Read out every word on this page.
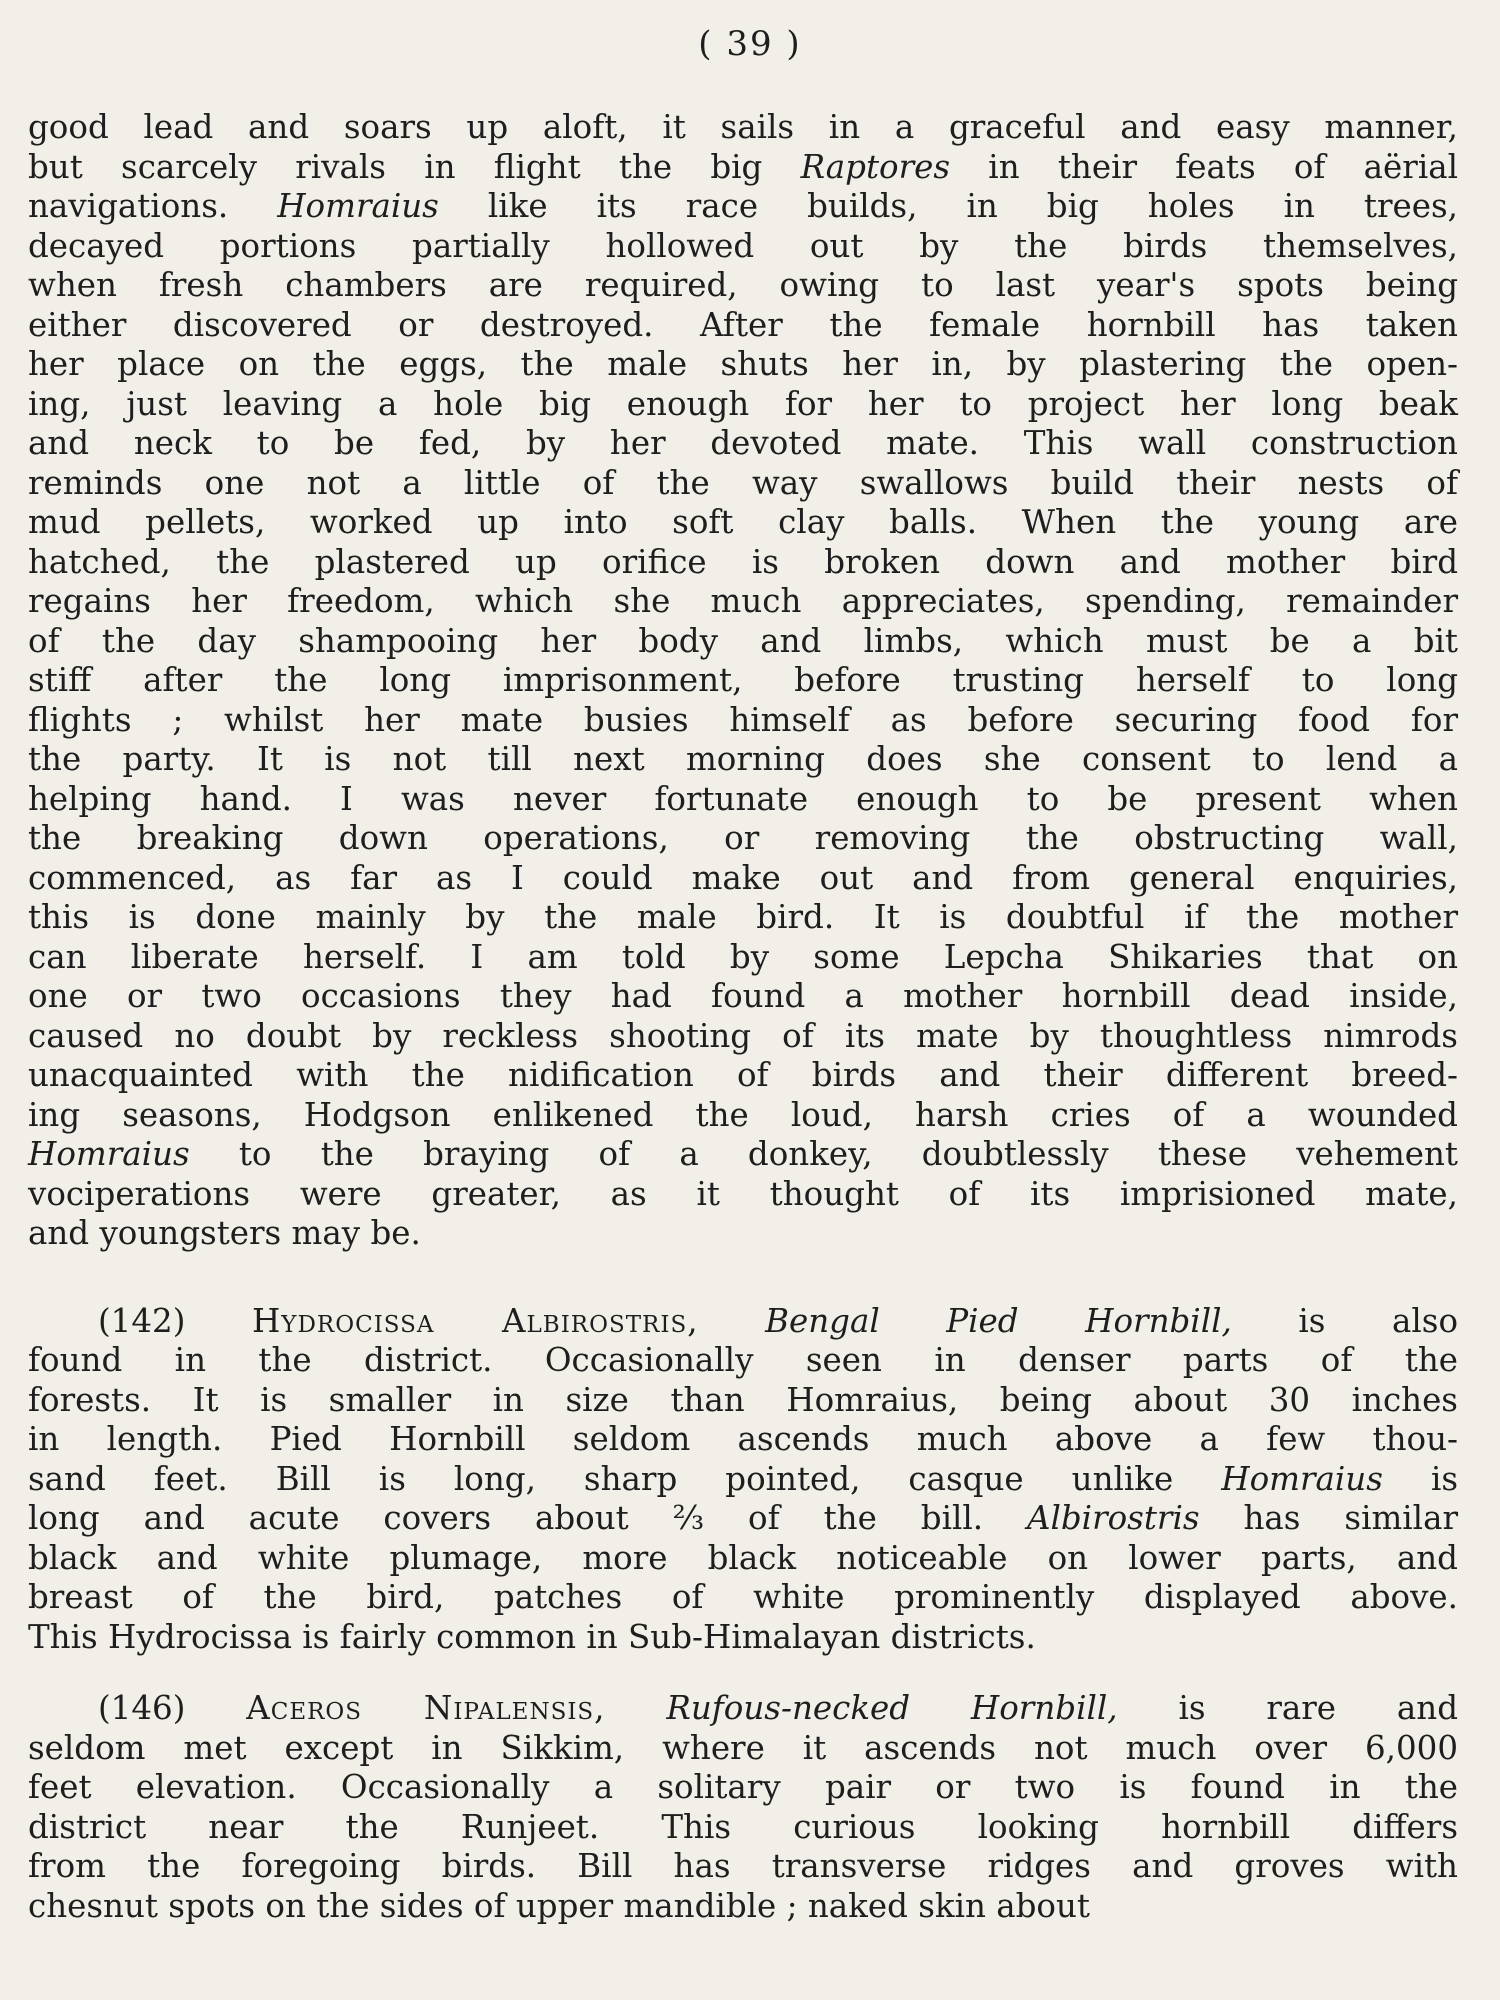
( 39 )
good lead and soars up aloft, it sails in a graceful and easy manner,
but scarcely rivals in flight the big Raptores in their feats of aërial
navigations. Homraius like its race builds, in big holes in trees,
decayed portions partially hollowed out by the birds themselves,
when fresh chambers are required, owing to last year's spots being
either discovered or destroyed. After the female hornbill has taken
her place on the eggs, the male shuts her in, by plastering the open-
ing, just leaving a hole big enough for her to project her long beak
and neck to be fed, by her devoted mate. This wall construction
reminds one not a little of the way swallows build their nests of
mud pellets, worked up into soft clay balls. When the young are
hatched, the plastered up orifice is broken down and mother bird
regains her freedom, which she much appreciates, spending, remainder
of the day shampooing her body and limbs, which must be a bit
stiff after the long imprisonment, before trusting herself to long
flights ; whilst her mate busies himself as before securing food for
the party. It is not till next morning does she consent to lend a
helping hand. I was never fortunate enough to be present when
the breaking down operations, or removing the obstructing wall,
commenced, as far as I could make out and from general enquiries,
this is done mainly by the male bird. It is doubtful if the mother
can liberate herself. I am told by some Lepcha Shikaries that on
one or two occasions they had found a mother hornbill dead inside,
caused no doubt by reckless shooting of its mate by thoughtless nimrods
unacquainted with the nidification of birds and their different breed-
ing seasons, Hodgson enlikened the loud, harsh cries of a wounded
Homraius to the braying of a donkey, doubtlessly these vehement
vociperations were greater, as it thought of its imprisioned mate,
and youngsters may be.
(142) Hydrocissa Albirostris, Bengal Pied Hornbill, is also
found in the district. Occasionally seen in denser parts of the
forests. It is smaller in size than Homraius, being about 30 inches
in length. Pied Hornbill seldom ascends much above a few thou-
sand feet. Bill is long, sharp pointed, casque unlike Homraius is
long and acute covers about ⅔ of the bill. Albirostris has similar
black and white plumage, more black noticeable on lower parts, and
breast of the bird, patches of white prominently displayed above.
This Hydrocissa is fairly common in Sub-Himalayan districts.
(146) Aceros Nipalensis, Rufous-necked Hornbill, is rare and
seldom met except in Sikkim, where it ascends not much over 6,000
feet elevation. Occasionally a solitary pair or two is found in the
district near the Runjeet. This curious looking hornbill differs
from the foregoing birds. Bill has transverse ridges and groves with
chesnut spots on the sides of upper mandible ; naked skin about
